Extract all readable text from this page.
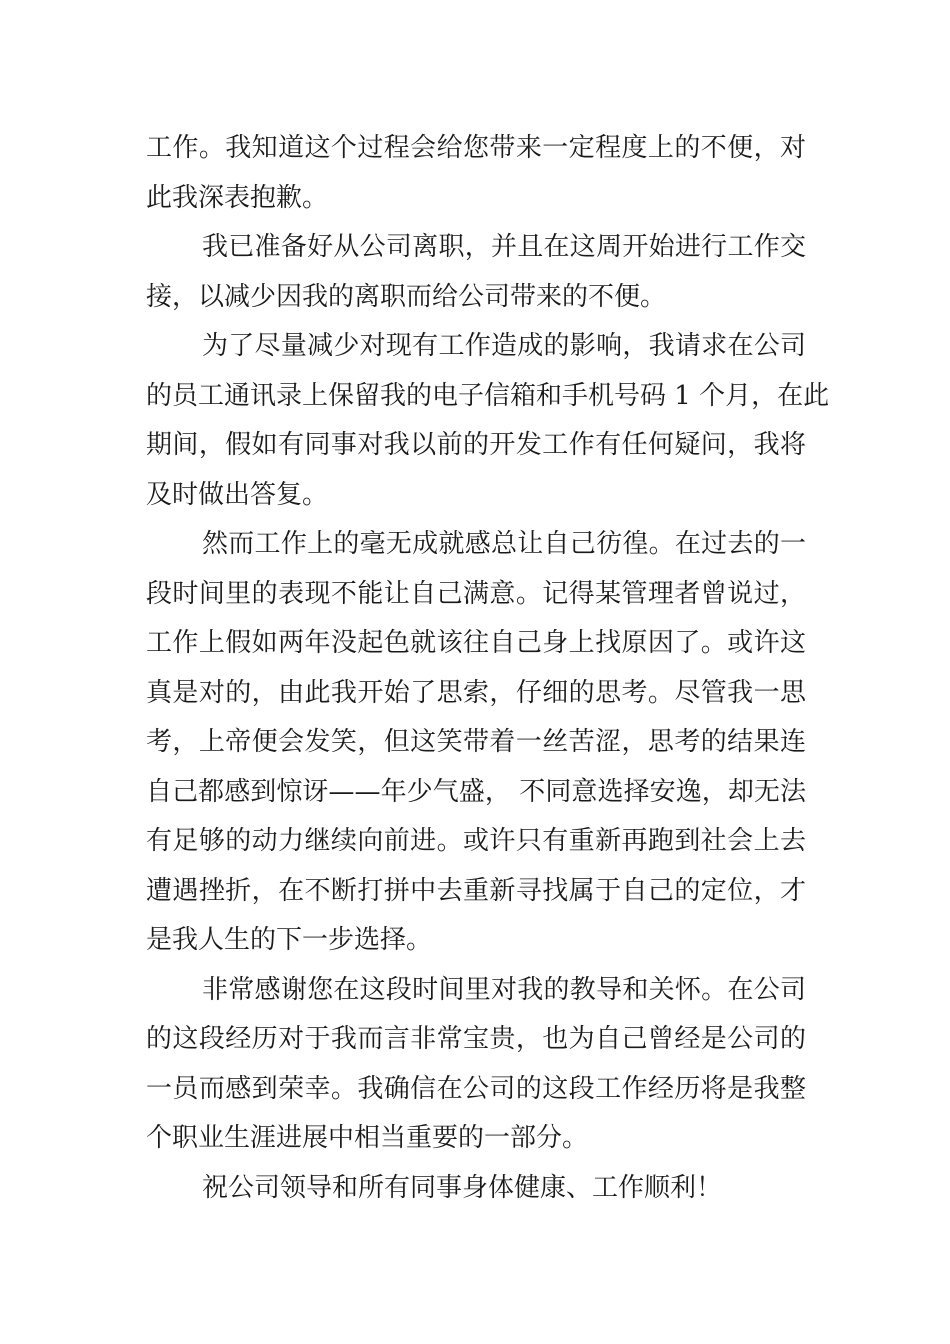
工作。我知道这个过程会给您带来一定程度上的不便，对
此我深表抱歉。

我已准备好从公司离职，并且在这周开始进行工作交
接，以减少因我的离职而给公司带来的不便。

为了尽量减少对现有工作造成的影响，我请求在公司
的员工通讯录上保留我的电子信箱和手机号码 1 个月，在此
期间，假如有同事对我以前的开发工作有任何疑问，我将
及时做出答复。

然而工作上的毫无成就感总让自己彷徨。在过去的一
段时间里的表现不能让自己满意。记得某管理者曾说过，
工作上假如两年没起色就该往自己身上找原因了。或许这
真是对的，由此我开始了思索，仔细的思考。尽管我一思
考，上帝便会发笑，但这笑带着一丝苦涩，思考的结果连
自己都感到惊讶——年少气盛， 不同意选择安逸，却无法
有足够的动力继续向前进。或许只有重新再跑到社会上去
遭遇挫折，在不断打拼中去重新寻找属于自己的定位，才
是我人生的下一步选择。

非常感谢您在这段时间里对我的教导和关怀。在公司
的这段经历对于我而言非常宝贵，也为自己曾经是公司的
一员而感到荣幸。我确信在公司的这段工作经历将是我整
个职业生涯进展中相当重要的一部分。

祝公司领导和所有同事身体健康、工作顺利！
